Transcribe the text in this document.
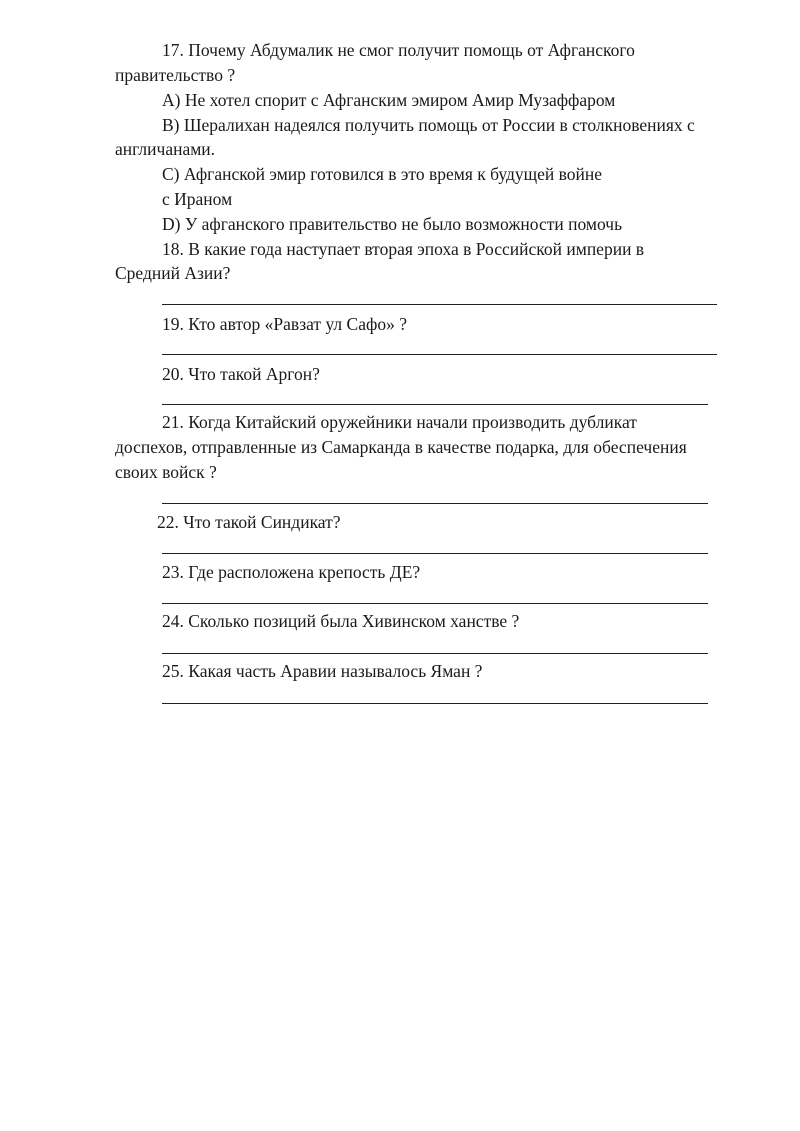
17. Почему Абдумалик не смог получит помощь от Афганского
правительство ?
A) Не хотел спорит с Афганским эмиром Амир Музаффаром
B) Шералихан надеялся получить помощь от России в столкновениях с
англичанами.
C) Афганской эмир готовился в это время к будущей войне
с Ираном
D) У афганского правительство не было возможности помочь
18. В какие года наступает вторая эпоха в Российской империи в
Средний Азии?
19. Кто автор «Равзат ул Сафо» ?
20. Что такой Аргон?
21. Когда Китайский оружейники начали производить дубликат
доспехов, отправленные из Самарканда в качестве подарка, для обеспечения
своих войск ?
22. Что такой Синдикат?
23. Где расположена крепость ДЕ?
24. Сколько позиций была Хивинском ханстве ?
25. Какая часть Аравии называлось Яман ?
